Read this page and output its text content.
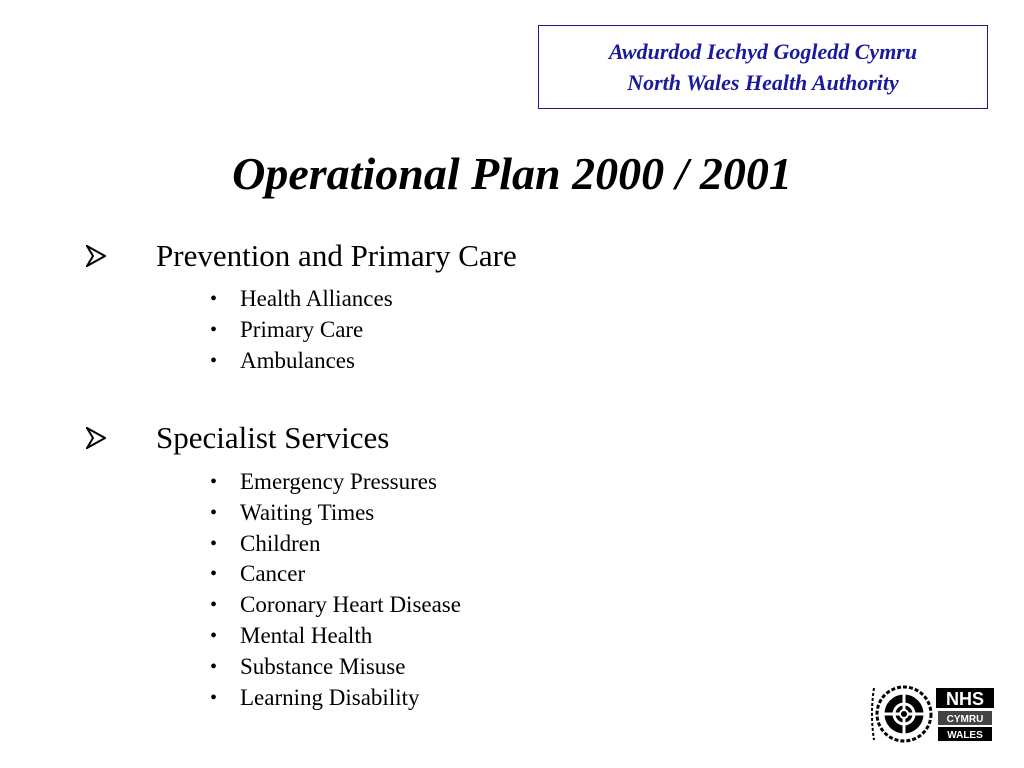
Awdurdod Iechyd Gogledd Cymru
North Wales Health Authority
Operational Plan 2000 / 2001
Prevention and Primary Care
• Health Alliances
• Primary Care
• Ambulances
Specialist Services
• Emergency Pressures
• Waiting Times
• Children
• Cancer
• Coronary Heart Disease
• Mental Health
• Substance Misuse
• Learning Disability	NHS
CYMRU
WALES
